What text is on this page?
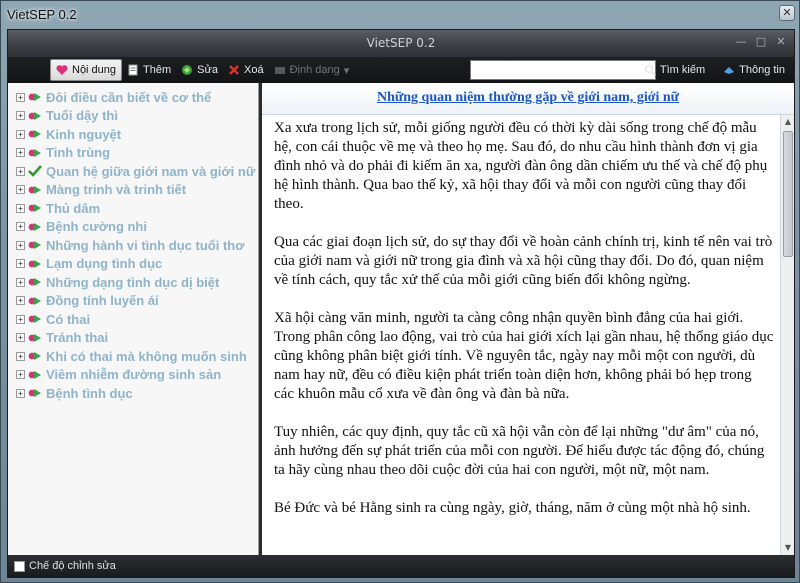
VietSEP 0.2	✕
VietSEP 0.2	— □ ✕
Nội dung Thêm Sửa Xoá Định dạng ▾	Tìm kiếm	Thông tin
+ Đôi điều cần biết về cơ thể
+ Tuổi dậy thì
+ Kinh nguyệt
+ Tinh trùng
+ Quan hệ giữa giới nam và giới nữ
+ Màng trinh và trinh tiết
+ Thủ dâm
+ Bệnh cường nhi
+ Những hành vi tình dục tuổi thơ
+ Lạm dụng tình dục
+ Những dạng tình dục dị biệt
+ Đồng tính luyến ái
+ Có thai
+ Tránh thai
+ Khi có thai mà không muốn sinh
+ Viêm nhiễm đường sinh sản
+ Bệnh tình dục
Những quan niệm thường gặp về giới nam, giới nữ

Xa xưa trong lịch sử, mỗi giống người đều có thời kỳ dài sống trong chế độ mẫu hệ, con cái thuộc về mẹ và theo họ mẹ. Sau đó, do nhu cầu hình thành đơn vị gia đình nhỏ và do phải đi kiếm ăn xa, người đàn ông dần chiếm ưu thế và chế độ phụ hệ hình thành. Qua bao thế kỷ, xã hội thay đổi và mỗi con người cũng thay đổi theo.

Qua các giai đoạn lịch sử, do sự thay đổi về hoàn cảnh chính trị, kinh tế nên vai trò của giới nam và giới nữ trong gia đình và xã hội cũng thay đổi. Do đó, quan niệm về tính cách, quy tắc xử thế của mỗi giới cũng biến đổi không ngừng.

Xã hội càng văn minh, người ta càng công nhận quyền bình đẳng của hai giới. Trong phân công lao động, vai trò của hai giới xích lại gần nhau, hệ thống giáo dục cũng không phân biệt giới tính. Về nguyên tắc, ngày nay mỗi một con người, dù nam hay nữ, đều có điều kiện phát triển toàn diện hơn, không phải bó hẹp trong các khuôn mẫu cổ xưa về đàn ông và đàn bà nữa.

Tuy nhiên, các quy định, quy tắc cũ xã hội vẫn còn để lại những "dư âm" của nó, ảnh hưởng đến sự phát triển của mỗi con người. Để hiểu được tác động đó, chúng ta hãy cùng nhau theo dõi cuộc đời của hai con người, một nữ, một nam.

Bé Đức và bé Hằng sinh ra cùng ngày, giờ, tháng, năm ở cùng một nhà hộ sinh.

▲
▼
Chế độ chỉnh sửa
